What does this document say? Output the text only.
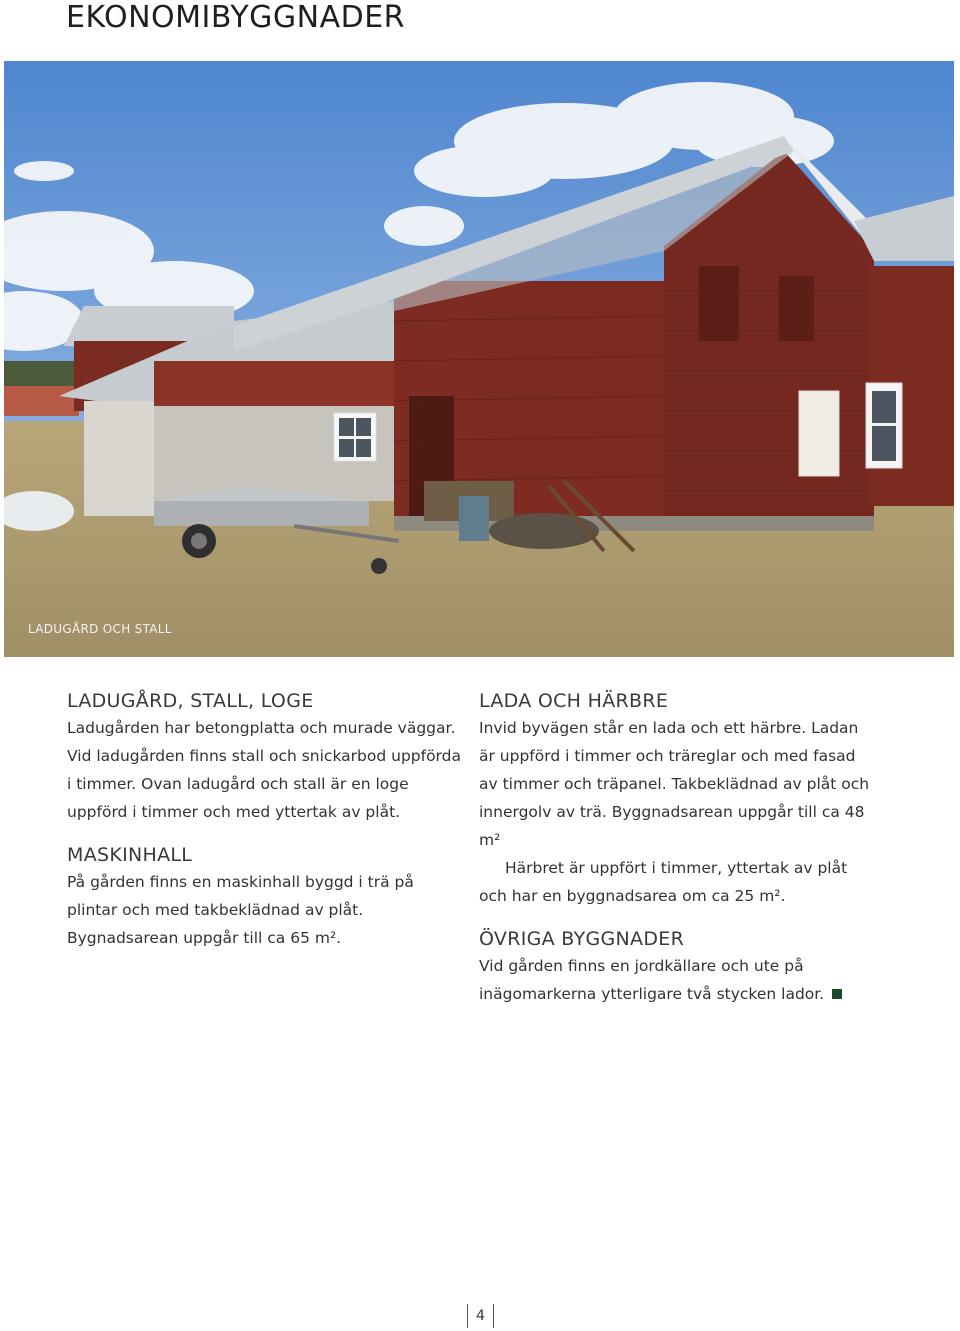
EKONOMIBYGGNADER
LADUGÅRD OCH STALL
LADUGÅRD, STALL, LOGE

Ladugården har betongplatta och murade väggar. Vid ladugården finns stall och snickarbod uppförda i timmer. Ovan ladugård och stall är en loge uppförd i timmer och med yttertak av plåt.

MASKINHALL

På gården finns en maskinhall byggd i trä på plintar och med takbeklädnad av plåt. Bygnadsarean uppgår till ca 65 m².

LADA OCH HÄRBRE

Invid byvägen står en lada och ett härbre. Ladan är uppförd i timmer och träreglar och med fasad av timmer och träpanel. Takbeklädnad av plåt och innergolv av trä. Byggnadsarean uppgår till ca 48 m²

Härbret är uppfört i timmer, yttertak av plåt och har en byggnadsarea om ca 25 m².

ÖVRIGA BYGGNADER

Vid gården finns en jordkällare och ute på inägomarkerna ytterligare två stycken lador.

4
